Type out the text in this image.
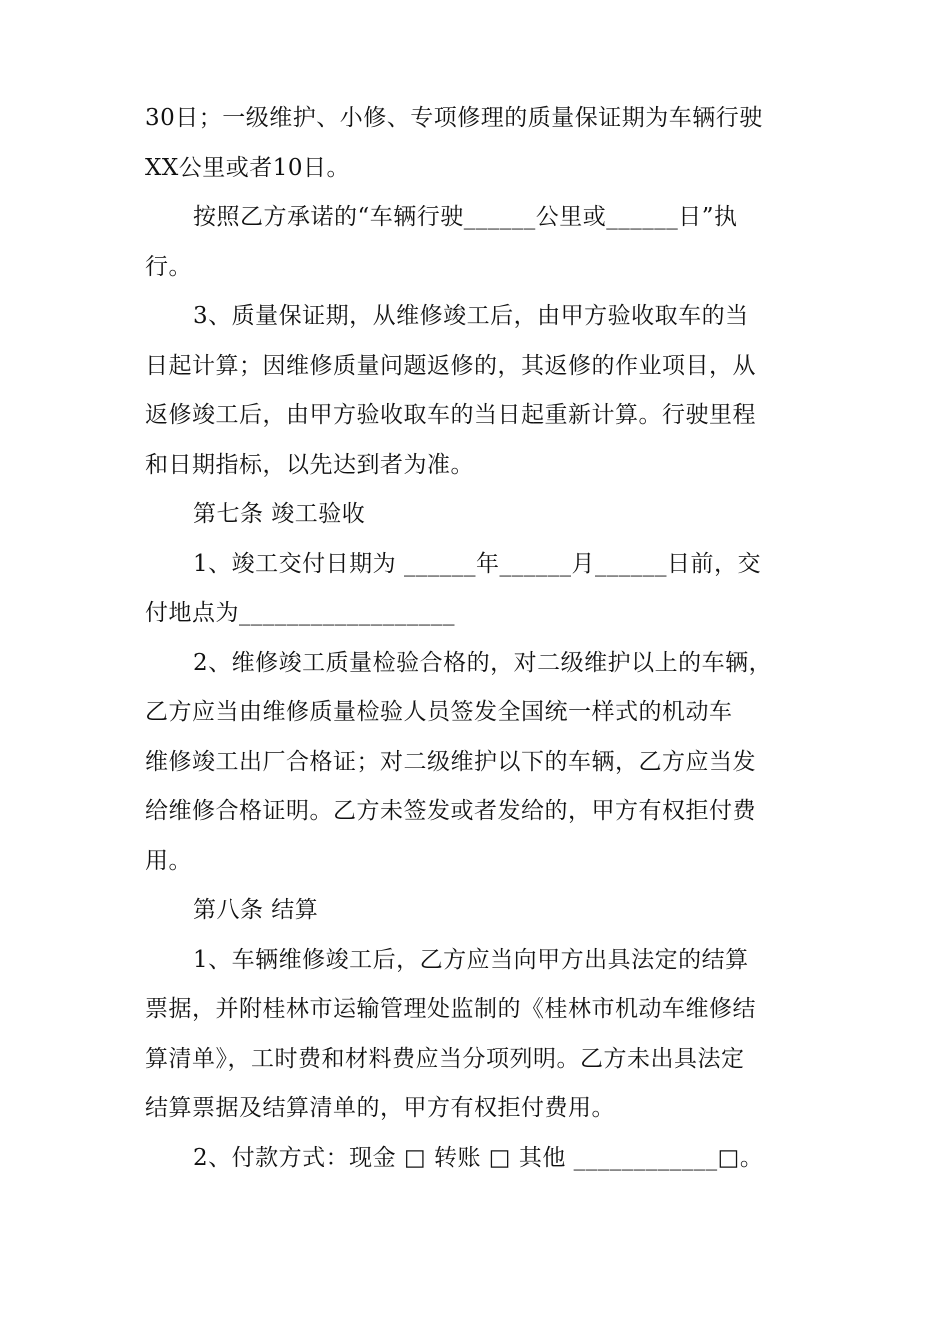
30日；一级维护、小修、专项修理的质量保证期为车辆行驶
XX公里或者10日。
按照乙方承诺的“车辆行驶______公里或______日”执
行。
3、质量保证期，从维修竣工后，由甲方验收取车的当
日起计算；因维修质量问题返修的，其返修的作业项目，从
返修竣工后，由甲方验收取车的当日起重新计算。行驶里程
和日期指标，以先达到者为准。
第七条 竣工验收
1、竣工交付日期为 ______年______月______日前，交
付地点为__________________
2、维修竣工质量检验合格的，对二级维护以上的车辆，
乙方应当由维修质量检验人员签发全国统一样式的机动车
维修竣工出厂合格证；对二级维护以下的车辆，乙方应当发
给维修合格证明。乙方未签发或者发给的，甲方有权拒付费
用。
第八条 结算
1、车辆维修竣工后，乙方应当向甲方出具法定的结算
票据，并附桂林市运输管理处监制的《桂林市机动车维修结
算清单》，工时费和材料费应当分项列明。乙方未出具法定
结算票据及结算清单的，甲方有权拒付费用。
2、付款方式：现金 □ 转账 □ 其他 ____________□。
